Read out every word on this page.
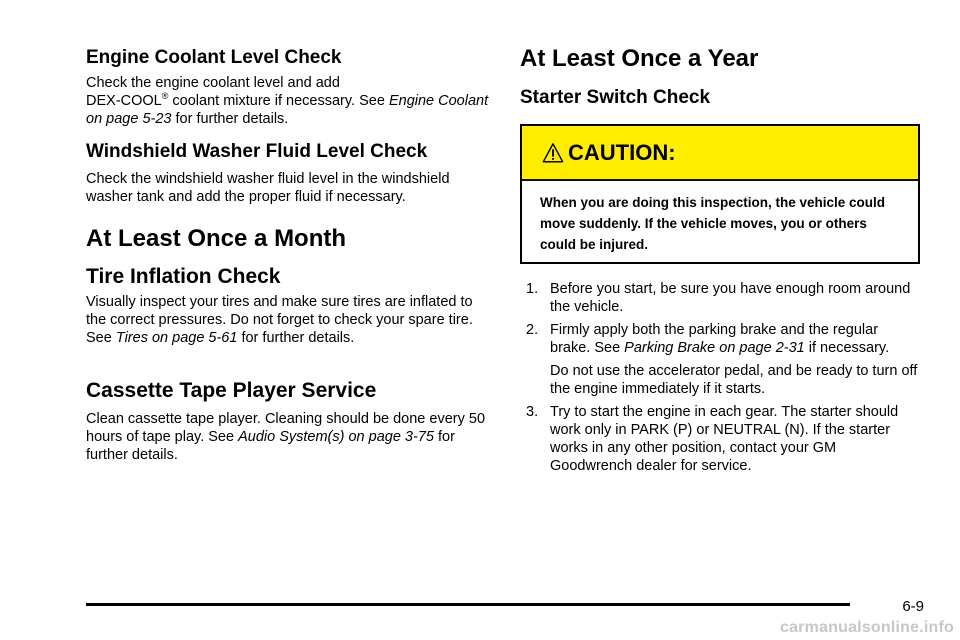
Engine Coolant Level Check

Check the engine coolant level and add
DEX-COOL® coolant mixture if necessary. See Engine Coolant on page 5-23 for further details.

Windshield Washer Fluid Level Check

Check the windshield washer fluid level in the windshield washer tank and add the proper fluid if necessary.

At Least Once a Month
Tire Inflation Check

Visually inspect your tires and make sure tires are inflated to the correct pressures. Do not forget to check your spare tire. See Tires on page 5-61 for further details.

Cassette Tape Player Service

Clean cassette tape player. Cleaning should be done every 50 hours of tape play. See Audio System(s) on page 3-75 for further details.

At Least Once a Year
Starter Switch Check
CAUTION:
When you are doing this inspection, the vehicle could move suddenly. If the vehicle moves, you or others could be injured.
1. Before you start, be sure you have enough room around the vehicle.
2. Firmly apply both the parking brake and the regular brake. See Parking Brake on page 2-31 if necessary.
Do not use the accelerator pedal, and be ready to turn off the engine immediately if it starts.
3. Try to start the engine in each gear. The starter should work only in PARK (P) or NEUTRAL (N). If the starter works in any other position, contact your GM Goodwrench dealer for service.
6-9
carmanualsonline.info
